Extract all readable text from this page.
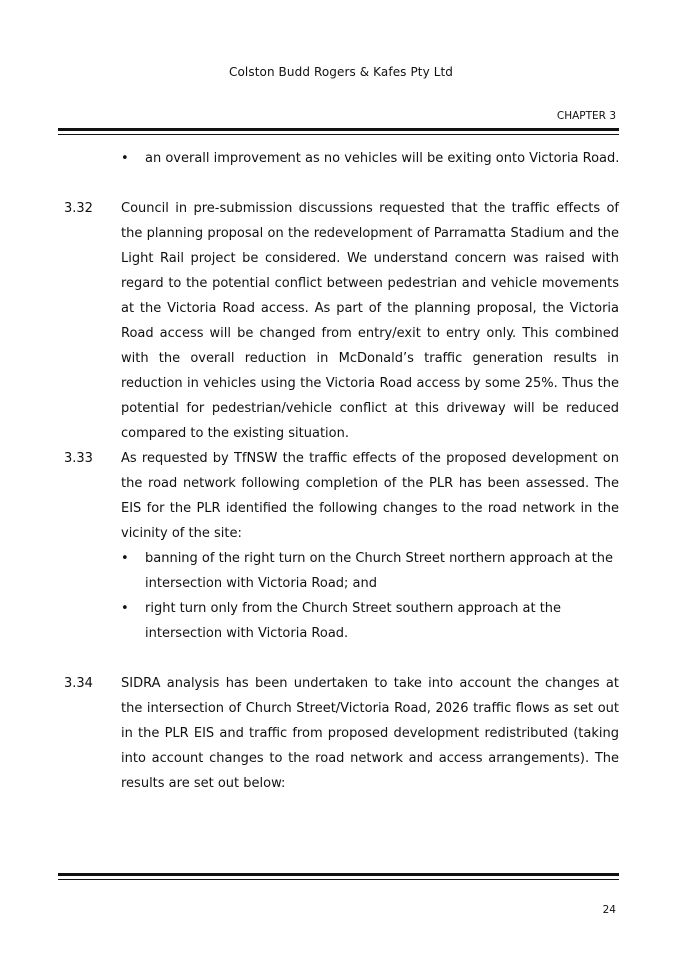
Colston Budd Rogers & Kafes Pty Ltd
CHAPTER 3
• an overall improvement as no vehicles will be exiting onto Victoria Road.
3.32 Council in pre-submission discussions requested that the traffic effects of the planning proposal on the redevelopment of Parramatta Stadium and the Light Rail project be considered. We understand concern was raised with regard to the potential conflict between pedestrian and vehicle movements at the Victoria Road access. As part of the planning proposal, the Victoria Road access will be changed from entry/exit to entry only. This combined with the overall reduction in McDonald’s traffic generation results in reduction in vehicles using the Victoria Road access by some 25%. Thus the potential for pedestrian/vehicle conflict at this driveway will be reduced compared to the existing situation.
3.33 As requested by TfNSW the traffic effects of the proposed development on the road network following completion of the PLR has been assessed. The EIS for the PLR identified the following changes to the road network in the vicinity of the site:
• banning of the right turn on the Church Street northern approach at the intersection with Victoria Road; and
• right turn only from the Church Street southern approach at the intersection with Victoria Road.
3.34 SIDRA analysis has been undertaken to take into account the changes at the intersection of Church Street/Victoria Road, 2026 traffic flows as set out in the PLR EIS and traffic from proposed development redistributed (taking into account changes to the road network and access arrangements). The results are set out below:
24
